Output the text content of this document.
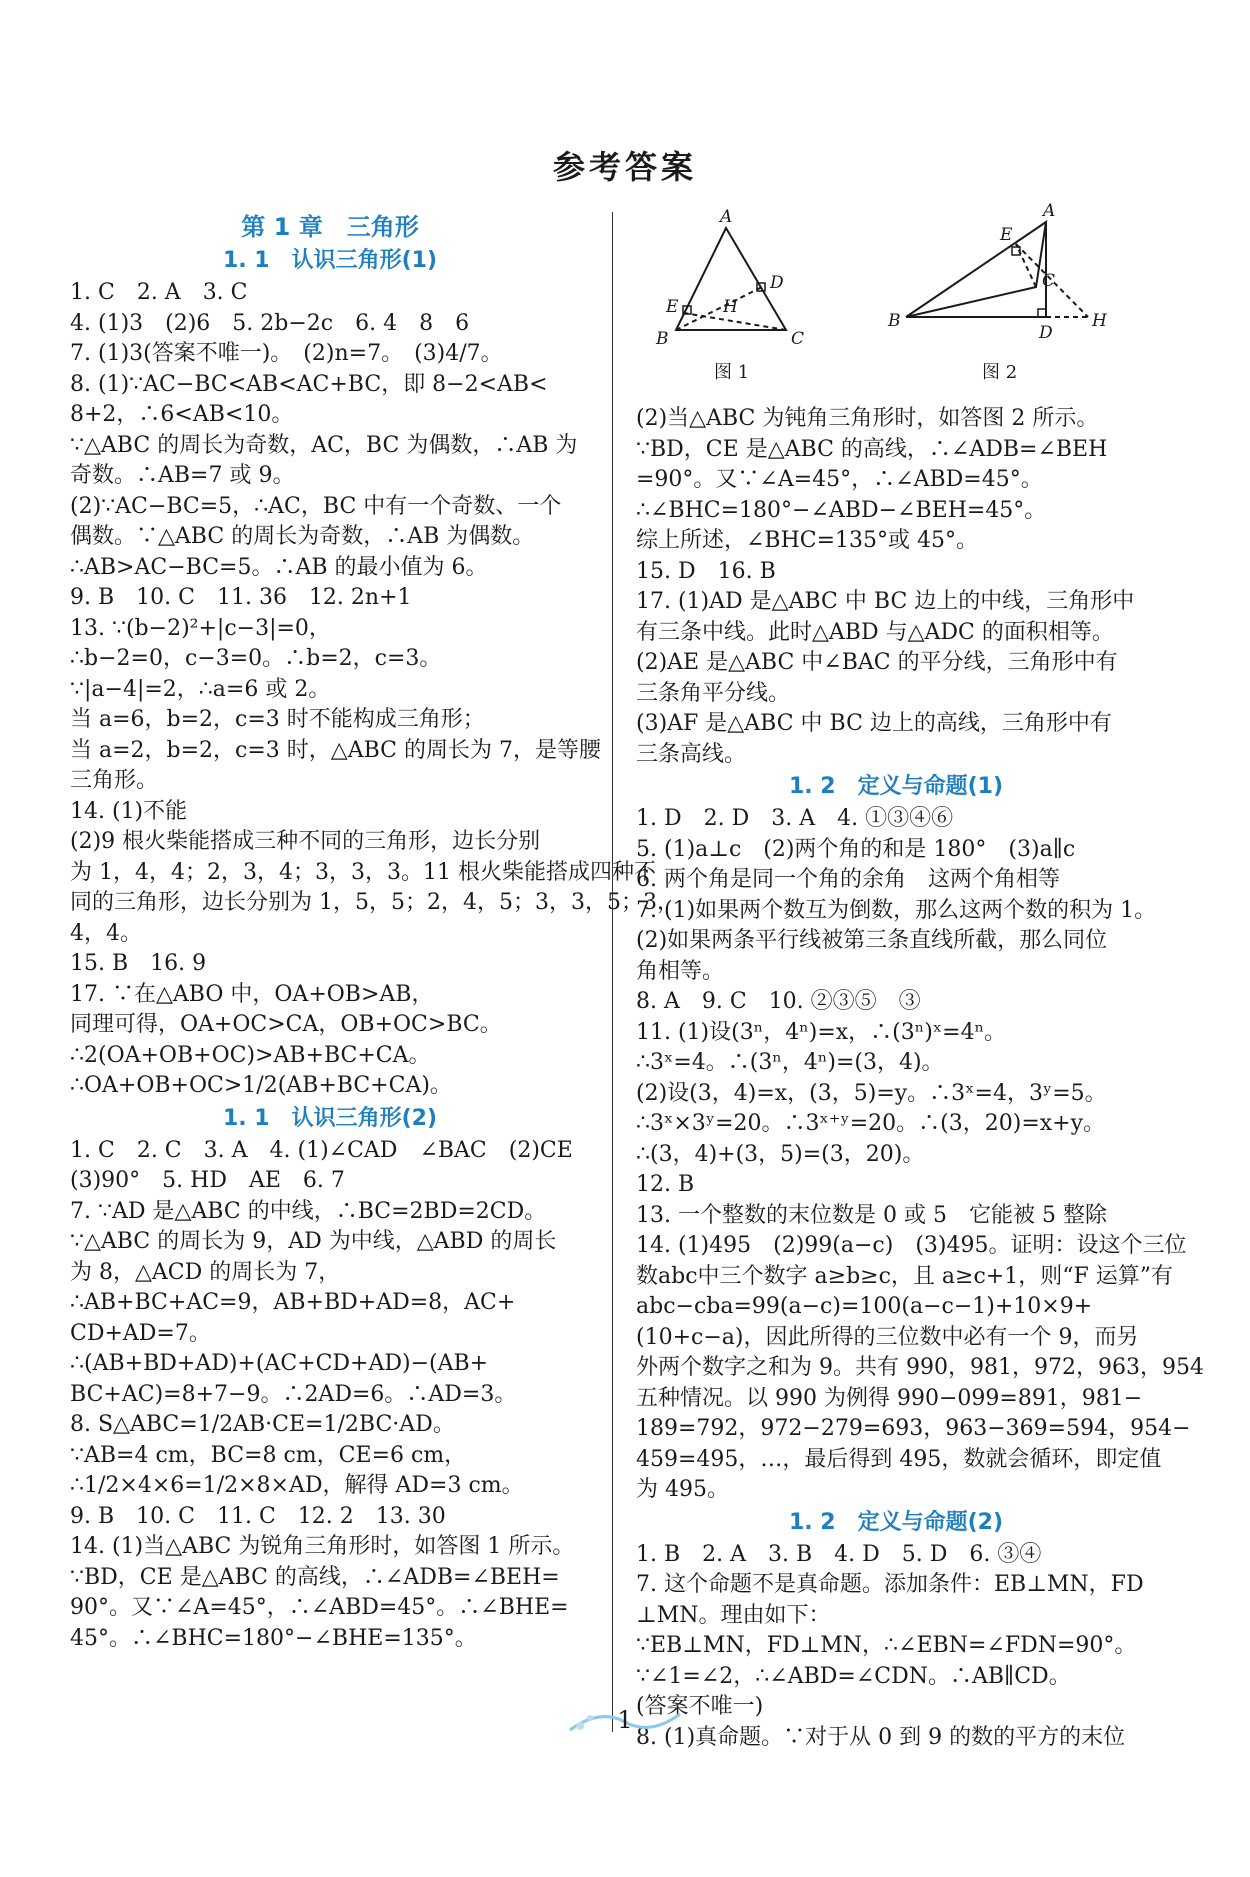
参考答案

第 1 章　三角形

1. 1　认识三角形(1)

1. C　2. A　3. C

4. (1)3　(2)6　5. 2b−2c　6. 4　8　6

7. (1)3(答案不唯一)。　(2)n=7。　(3)4/7。

8. (1)∵AC−BC<AB<AC+BC，即 8−2<AB<

8+2，∴6<AB<10。

∵△ABC 的周长为奇数，AC，BC 为偶数，∴AB 为

奇数。∴AB=7 或 9。

(2)∵AC−BC=5，∴AC，BC 中有一个奇数、一个

偶数。∵△ABC 的周长为奇数，∴AB 为偶数。

∴AB>AC−BC=5。∴AB 的最小值为 6。

9. B　10. C　11. 36　12. 2n+1

13. ∵(b−2)²+|c−3|=0，

∴b−2=0，c−3=0。∴b=2，c=3。

∵|a−4|=2，∴a=6 或 2。

当 a=6，b=2，c=3 时不能构成三角形；

当 a=2，b=2，c=3 时，△ABC 的周长为 7，是等腰

三角形。

14. (1)不能

(2)9 根火柴能搭成三种不同的三角形，边长分别

为 1，4，4；2，3，4；3，3，3。11 根火柴能搭成四种不

同的三角形，边长分别为 1，5，5；2，4，5；3，3，5；3，

4，4。

15. B　16. 9

17. ∵在△ABO 中，OA+OB>AB，

同理可得，OA+OC>CA，OB+OC>BC。

∴2(OA+OB+OC)>AB+BC+CA。

∴OA+OB+OC>1/2(AB+BC+CA)。

1. 1　认识三角形(2)

1. C　2. C　3. A　4. (1)∠CAD　∠BAC　(2)CE

(3)90°　5. HD　AE　6. 7

7. ∵AD 是△ABC 的中线，∴BC=2BD=2CD。

∵△ABC 的周长为 9，AD 为中线，△ABD 的周长

为 8，△ACD 的周长为 7，

∴AB+BC+AC=9，AB+BD+AD=8，AC+

CD+AD=7。

∴(AB+BD+AD)+(AC+CD+AD)−(AB+

BC+AC)=8+7−9。∴2AD=6。∴AD=3。

8. S△ABC=1/2AB·CE=1/2BC·AD。

∵AB=4 cm，BC=8 cm，CE=6 cm，

∴1/2×4×6=1/2×8×AD，解得 AD=3 cm。

9. B　10. C　11. C　12. 2　13. 30

14. (1)当△ABC 为锐角三角形时，如答图 1 所示。

∵BD，CE 是△ABC 的高线，∴∠ADB=∠BEH=

90°。又∵∠A=45°，∴∠ABD=45°。∴∠BHE=

45°。∴∠BHC=180°−∠BHE=135°。

A
B	C
D
E	H
图 1
A
B
C
D
E
H
图 2

(2)当△ABC 为钝角三角形时，如答图 2 所示。

∵BD，CE 是△ABC 的高线，∴∠ADB=∠BEH

=90°。又∵∠A=45°，∴∠ABD=45°。

∴∠BHC=180°−∠ABD−∠BEH=45°。

综上所述，∠BHC=135°或 45°。

15. D　16. B

17. (1)AD 是△ABC 中 BC 边上的中线，三角形中

有三条中线。此时△ABD 与△ADC 的面积相等。

(2)AE 是△ABC 中∠BAC 的平分线，三角形中有

三条角平分线。

(3)AF 是△ABC 中 BC 边上的高线，三角形中有

三条高线。

1. 2　定义与命题(1)

1. D　2. D　3. A　4. ①③④⑥

5. (1)a⊥c　(2)两个角的和是 180°　(3)a∥c

6. 两个角是同一个角的余角　这两个角相等

7. (1)如果两个数互为倒数，那么这两个数的积为 1。

(2)如果两条平行线被第三条直线所截，那么同位

角相等。

8. A　9. C　10. ②③⑤　③

11. (1)设(3ⁿ，4ⁿ)=x，∴(3ⁿ)ˣ=4ⁿ。

∴3ˣ=4。∴(3ⁿ，4ⁿ)=(3，4)。

(2)设(3，4)=x，(3，5)=y。∴3ˣ=4，3ʸ=5。

∴3ˣ×3ʸ=20。∴3ˣ⁺ʸ=20。∴(3，20)=x+y。

∴(3，4)+(3，5)=(3，20)。

12. B

13. 一个整数的末位数是 0 或 5　它能被 5 整除

14. (1)495　(2)99(a−c)　(3)495。证明：设这个三位

数abc中三个数字 a≥b≥c，且 a≥c+1，则“F 运算”有

abc−cba=99(a−c)=100(a−c−1)+10×9+

(10+c−a)，因此所得的三位数中必有一个 9，而另

外两个数字之和为 9。共有 990，981，972，963，954

五种情况。以 990 为例得 990−099=891，981−

189=792，972−279=693，963−369=594，954−

459=495，…，最后得到 495，数就会循环，即定值

为 495。

1. 2　定义与命题(2)

1. B　2. A　3. B　4. D　5. D　6. ③④

7. 这个命题不是真命题。添加条件：EB⊥MN，FD

⊥MN。理由如下：

∵EB⊥MN，FD⊥MN，∴∠EBN=∠FDN=90°。

∵∠1=∠2，∴∠ABD=∠CDN。∴AB∥CD。

(答案不唯一)

8. (1)真命题。∵对于从 0 到 9 的数的平方的末位

1
